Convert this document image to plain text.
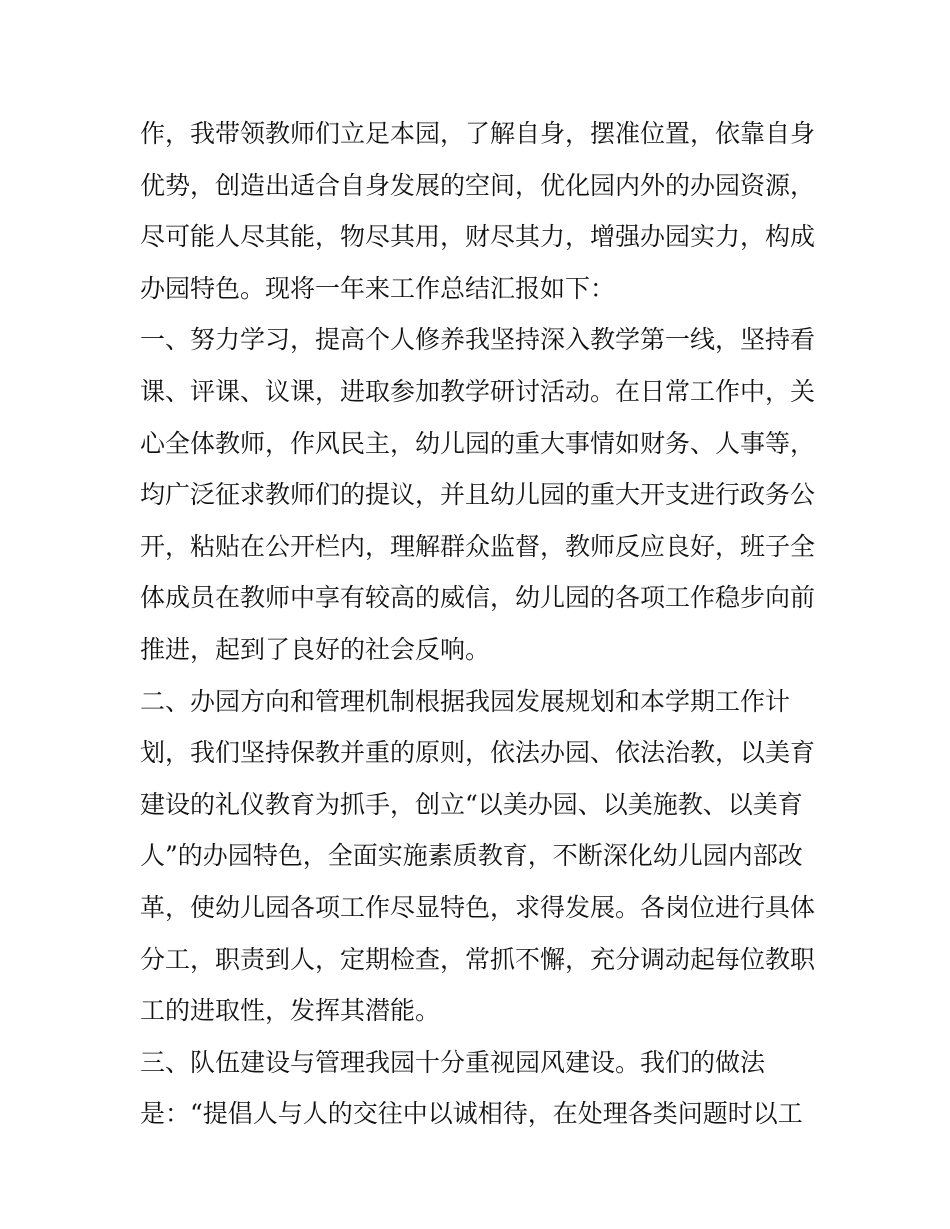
作，我带领教师们立足本园，了解自身，摆准位置，依靠自身
优势，创造出适合自身发展的空间，优化园内外的办园资源，
尽可能人尽其能，物尽其用，财尽其力，增强办园实力，构成
办园特色。现将一年来工作总结汇报如下：
一、努力学习，提高个人修养我坚持深入教学第一线，坚持看
课、评课、议课，进取参加教学研讨活动。在日常工作中，关
心全体教师，作风民主，幼儿园的重大事情如财务、人事等，
均广泛征求教师们的提议，并且幼儿园的重大开支进行政务公
开，粘贴在公开栏内，理解群众监督，教师反应良好，班子全
体成员在教师中享有较高的威信，幼儿园的各项工作稳步向前
推进，起到了良好的社会反响。
二、办园方向和管理机制根据我园发展规划和本学期工作计
划，我们坚持保教并重的原则，依法办园、依法治教，以美育
建设的礼仪教育为抓手，创立“以美办园、以美施教、以美育
人”的办园特色，全面实施素质教育，不断深化幼儿园内部改
革，使幼儿园各项工作尽显特色，求得发展。各岗位进行具体
分工，职责到人，定期检查，常抓不懈，充分调动起每位教职
工的进取性，发挥其潜能。
三、队伍建设与管理我园十分重视园风建设。我们的做法
是：“提倡人与人的交往中以诚相待，在处理各类问题时以工
